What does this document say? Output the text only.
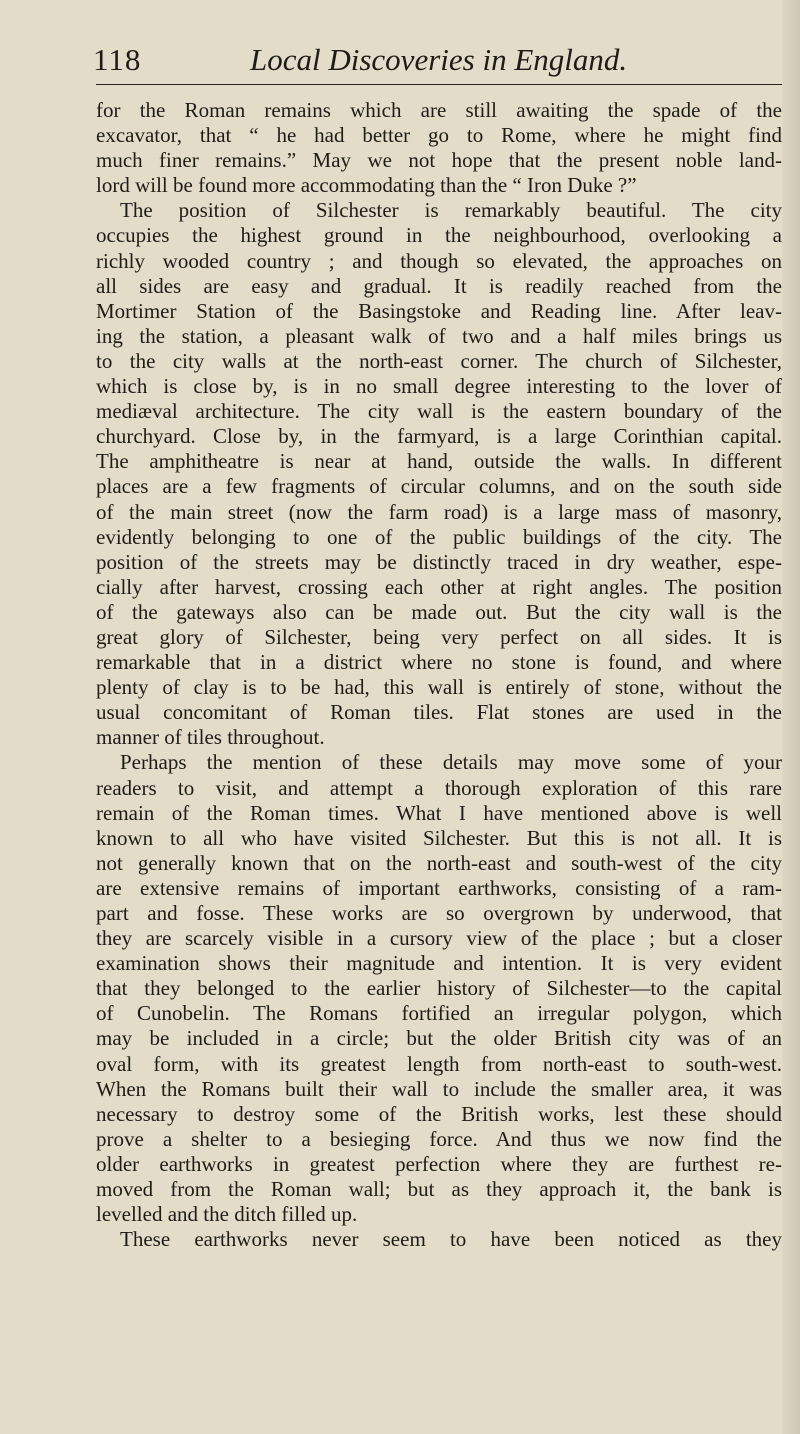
118	Local Discoveries in England.
for the Roman remains which are still awaiting the spade of the
excavator, that “ he had better go to Rome, where he might find
much finer remains.” May we not hope that the present noble land-
lord will be found more accommodating than the “ Iron Duke ?”
The position of Silchester is remarkably beautiful. The city
occupies the highest ground in the neighbourhood, overlooking a
richly wooded country ; and though so elevated, the approaches on
all sides are easy and gradual. It is readily reached from the
Mortimer Station of the Basingstoke and Reading line. After leav-
ing the station, a pleasant walk of two and a half miles brings us
to the city walls at the north-east corner. The church of Silchester,
which is close by, is in no small degree interesting to the lover of
mediæval architecture. The city wall is the eastern boundary of the
churchyard. Close by, in the farmyard, is a large Corinthian capital.
The amphitheatre is near at hand, outside the walls. In different
places are a few fragments of circular columns, and on the south side
of the main street (now the farm road) is a large mass of masonry,
evidently belonging to one of the public buildings of the city. The
position of the streets may be distinctly traced in dry weather, espe-
cially after harvest, crossing each other at right angles. The position
of the gateways also can be made out. But the city wall is the
great glory of Silchester, being very perfect on all sides. It is
remarkable that in a district where no stone is found, and where
plenty of clay is to be had, this wall is entirely of stone, without the
usual concomitant of Roman tiles. Flat stones are used in the
manner of tiles throughout.
Perhaps the mention of these details may move some of your
readers to visit, and attempt a thorough exploration of this rare
remain of the Roman times. What I have mentioned above is well
known to all who have visited Silchester. But this is not all. It is
not generally known that on the north-east and south-west of the city
are extensive remains of important earthworks, consisting of a ram-
part and fosse. These works are so overgrown by underwood, that
they are scarcely visible in a cursory view of the place ; but a closer
examination shows their magnitude and intention. It is very evident
that they belonged to the earlier history of Silchester—to the capital
of Cunobelin. The Romans fortified an irregular polygon, which
may be included in a circle; but the older British city was of an
oval form, with its greatest length from north-east to south-west.
When the Romans built their wall to include the smaller area, it was
necessary to destroy some of the British works, lest these should
prove a shelter to a besieging force. And thus we now find the
older earthworks in greatest perfection where they are furthest re-
moved from the Roman wall; but as they approach it, the bank is
levelled and the ditch filled up.
These earthworks never seem to have been noticed as they
